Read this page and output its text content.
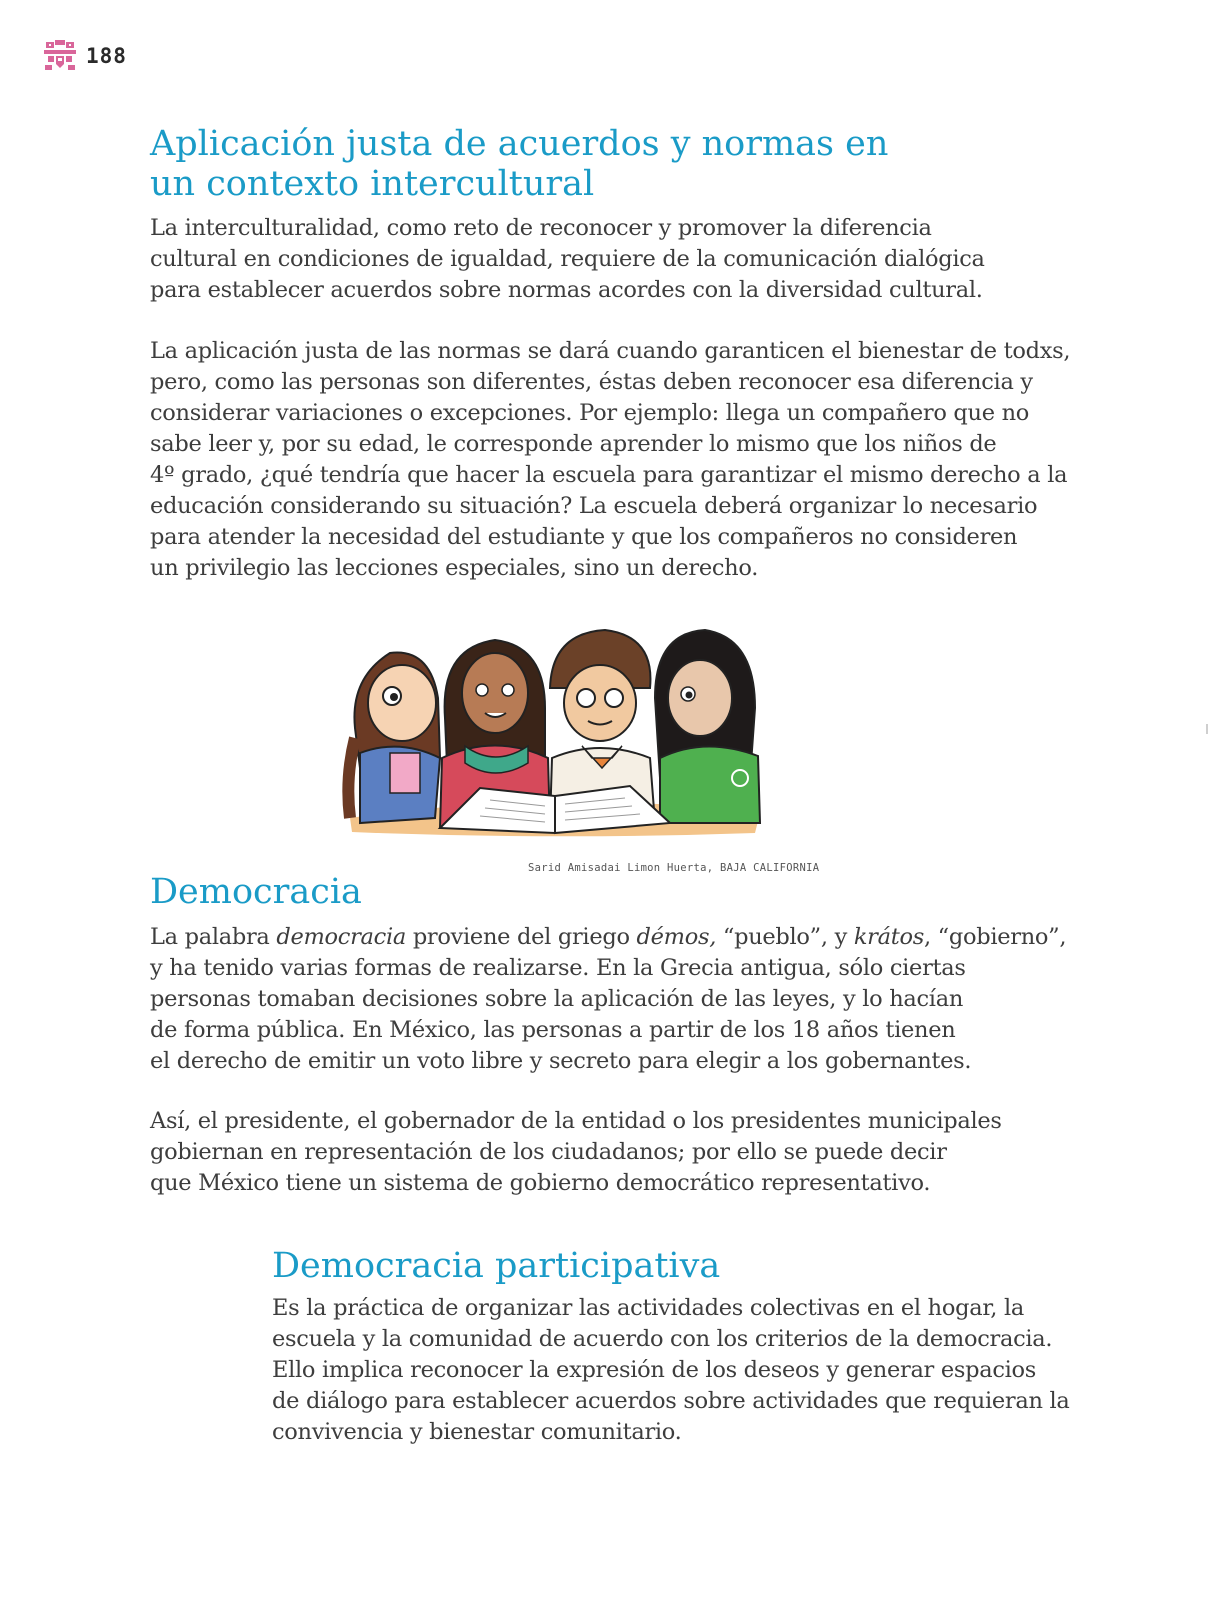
188
Aplicación justa de acuerdos y normas en
un contexto intercultural
La interculturalidad, como reto de reconocer y promover la diferencia
cultural en condiciones de igualdad, requiere de la comunicación dialógica
para establecer acuerdos sobre normas acordes con la diversidad cultural.
La aplicación justa de las normas se dará cuando garanticen el bienestar de todxs,
pero, como las personas son diferentes, éstas deben reconocer esa diferencia y
considerar variaciones o excepciones. Por ejemplo: llega un compañero que no
sabe leer y, por su edad, le corresponde aprender lo mismo que los niños de
4º grado, ¿qué tendría que hacer la escuela para garantizar el mismo derecho a la
educación considerando su situación? La escuela deberá organizar lo necesario
para atender la necesidad del estudiante y que los compañeros no consideren
un privilegio las lecciones especiales, sino un derecho.
Sarid Amisadai Limon Huerta, BAJA CALIFORNIA
Democracia
La palabra democracia proviene del griego démos, “pueblo”, y krátos, “gobierno”,
y ha tenido varias formas de realizarse. En la Grecia antigua, sólo ciertas
personas tomaban decisiones sobre la aplicación de las leyes, y lo hacían
de forma pública. En México, las personas a partir de los 18 años tienen
el derecho de emitir un voto libre y secreto para elegir a los gobernantes.
Así, el presidente, el gobernador de la entidad o los presidentes municipales
gobiernan en representación de los ciudadanos; por ello se puede decir
que México tiene un sistema de gobierno democrático representativo.
Democracia participativa
Es la práctica de organizar las actividades colectivas en el hogar, la
escuela y la comunidad de acuerdo con los criterios de la democracia.
Ello implica reconocer la expresión de los deseos y generar espacios
de diálogo para establecer acuerdos sobre actividades que requieran la
convivencia y bienestar comunitario.
